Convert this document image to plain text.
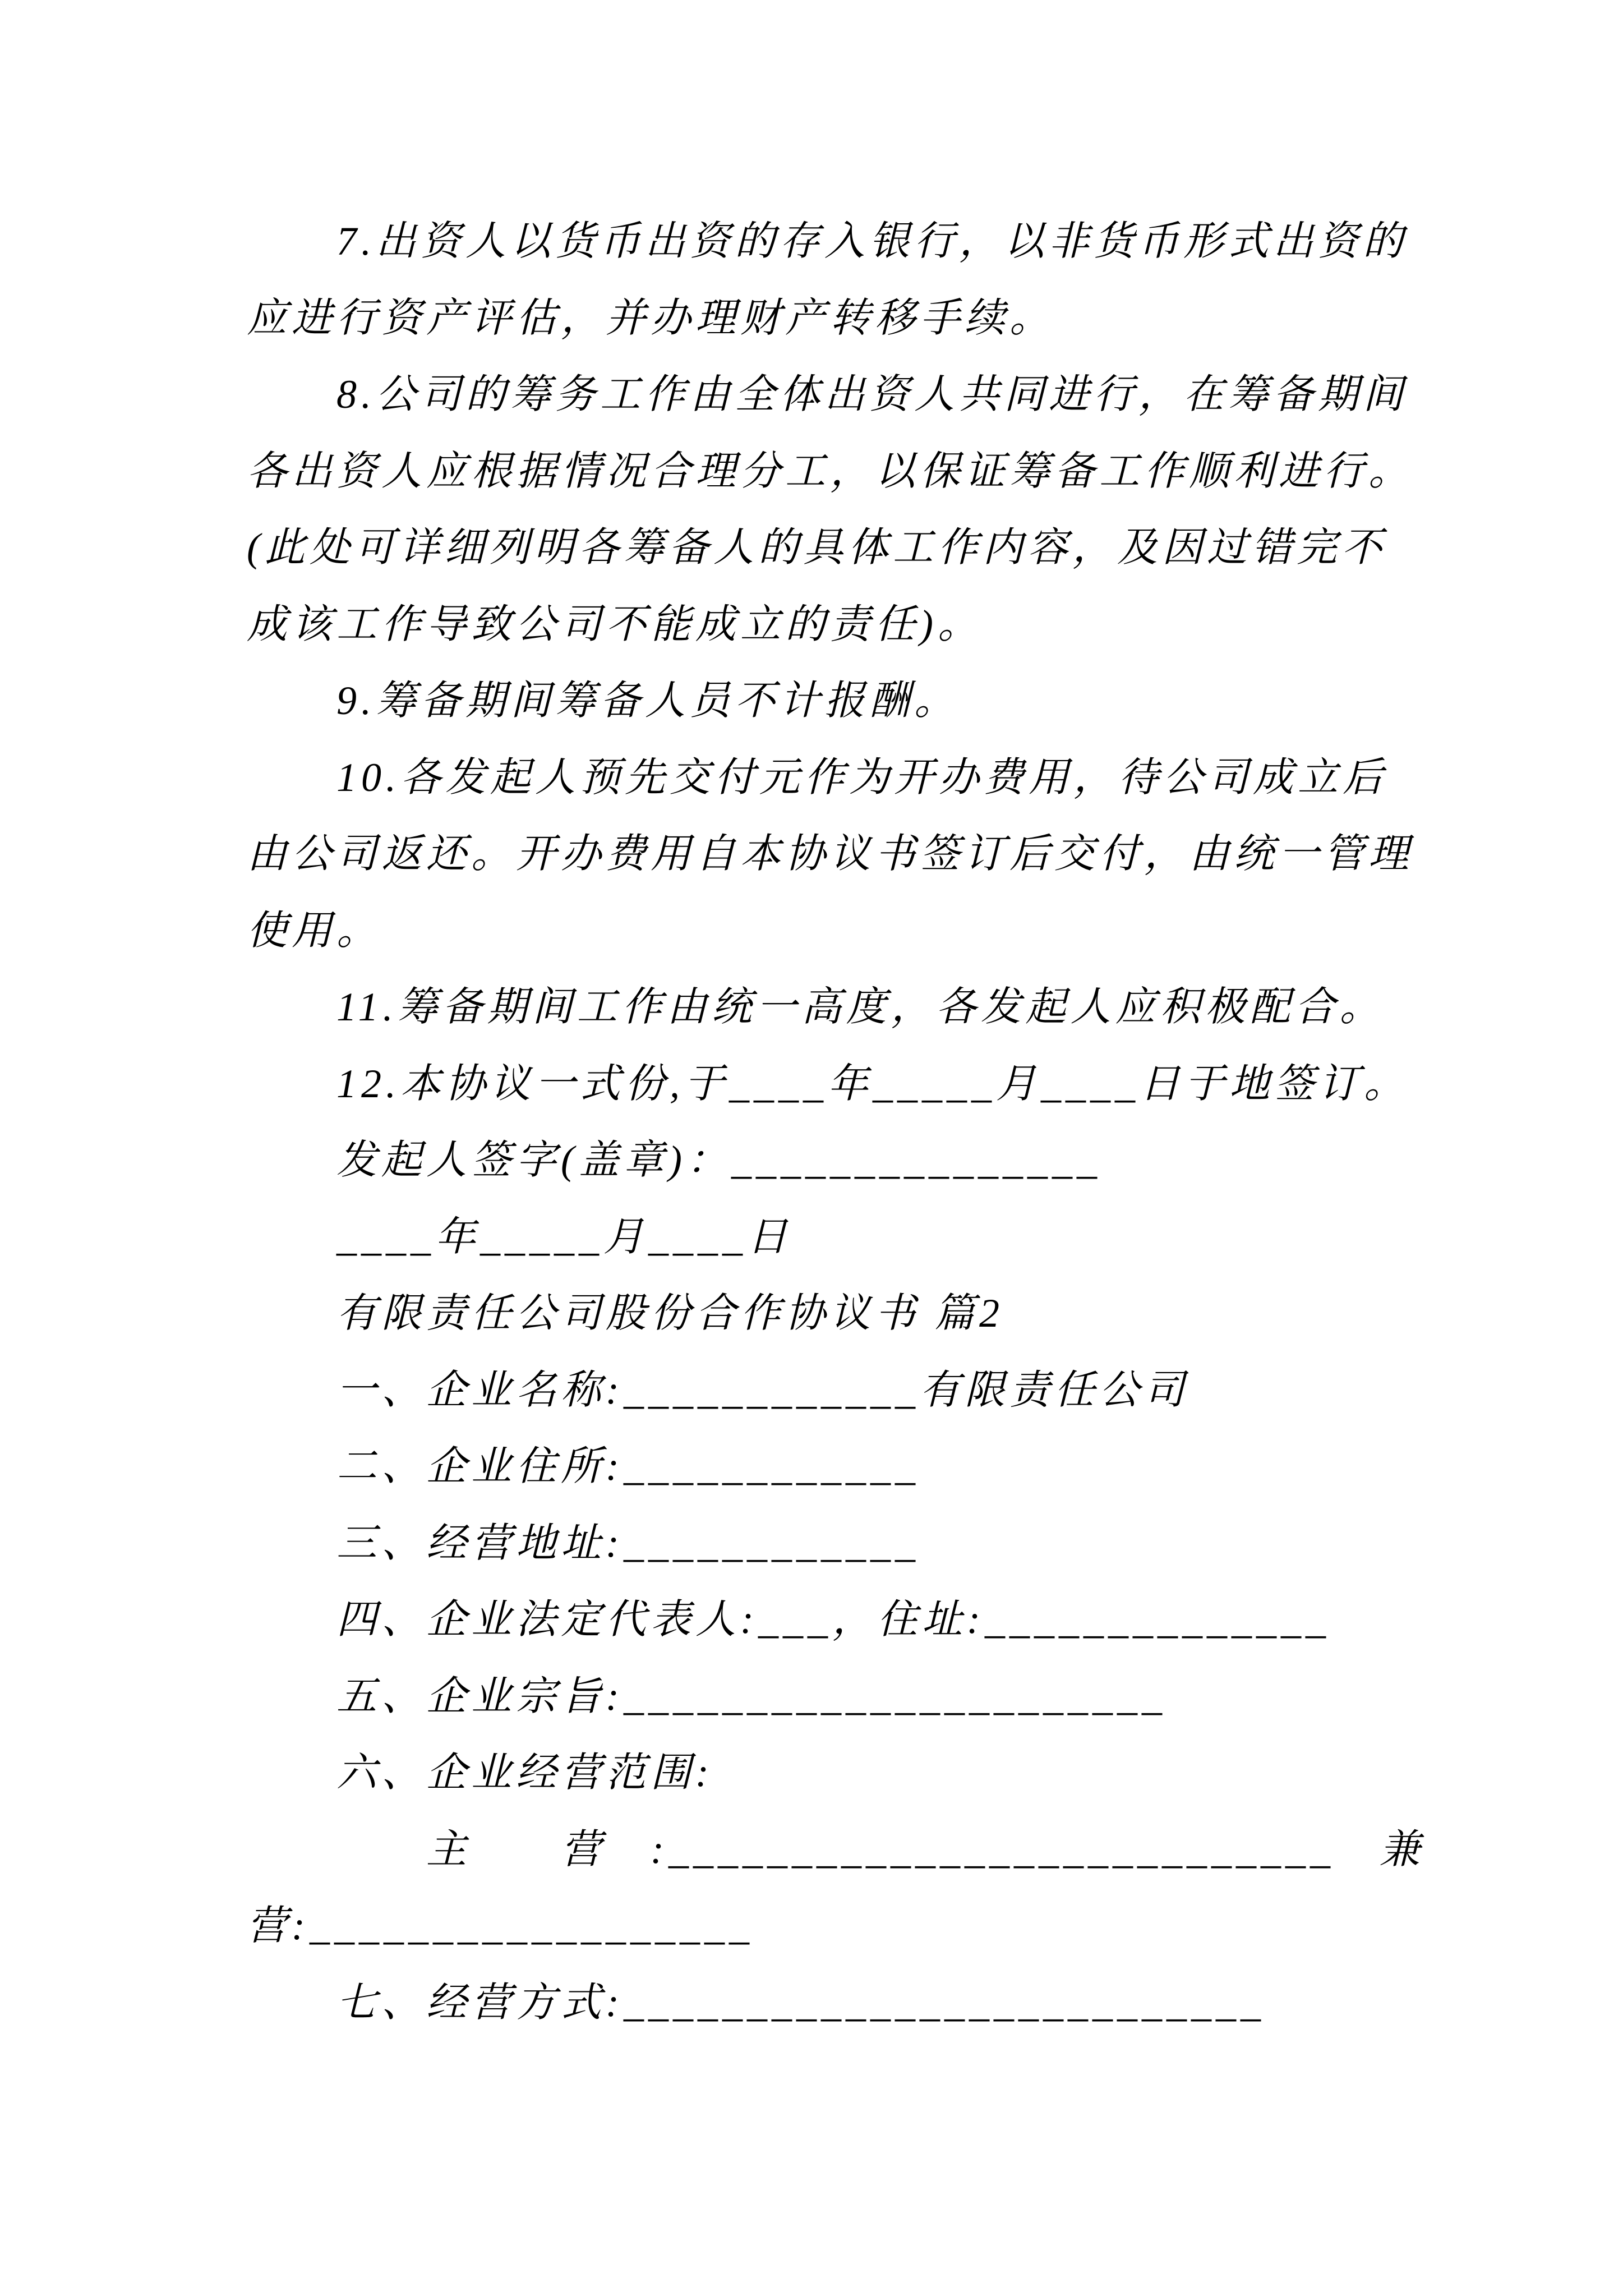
7.出资人以货币出资的存入银行，以非货币形式出资的

应进行资产评估，并办理财产转移手续。

8.公司的筹务工作由全体出资人共同进行，在筹备期间

各出资人应根据情况合理分工，以保证筹备工作顺利进行。

(此处可详细列明各筹备人的具体工作内容，及因过错完不

成该工作导致公司不能成立的责任)。

9.筹备期间筹备人员不计报酬。

10.各发起人预先交付元作为开办费用，待公司成立后

由公司返还。开办费用自本协议书签订后交付，由统一管理

使用。

11.筹备期间工作由统一高度，各发起人应积极配合。

12.本协议一式份,于____年_____月____日于地签订。

发起人签字(盖章)：_______________

____年_____月____日

有限责任公司股份合作协议书 篇2

一、企业名称:____________有限责任公司

二、企业住所:____________

三、经营地址:____________

四、企业法定代表人:___，住址:______________

五、企业宗旨:______________________

六、企业经营范围:

　　　　主　　营　:___________________________　兼

营:__________________

七、经营方式:__________________________
